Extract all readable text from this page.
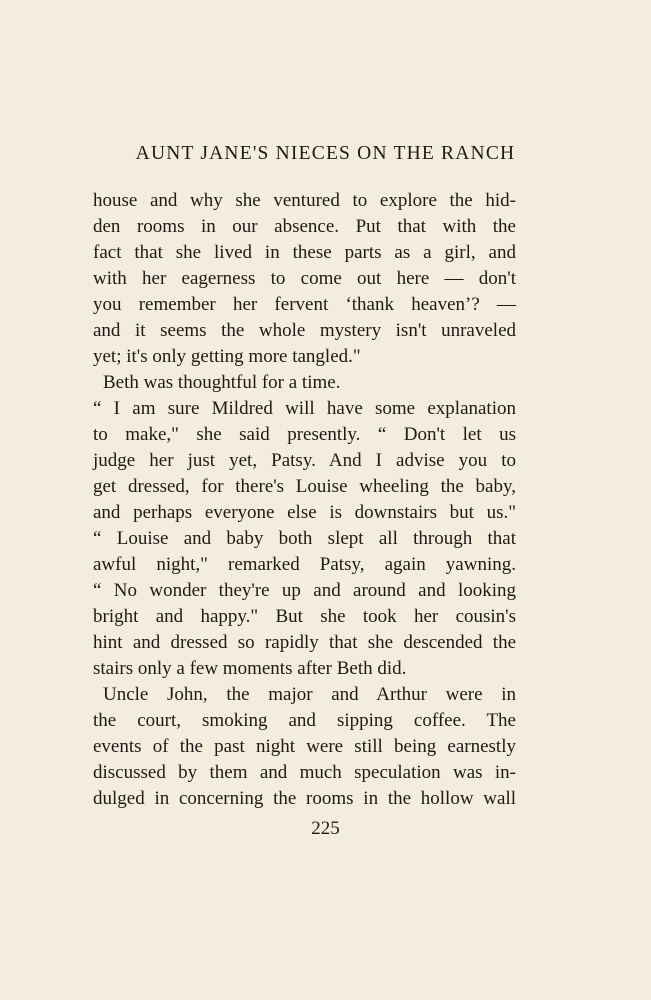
AUNT JANE'S NIECES ON THE RANCH
house and why she ventured to explore the hid-
den rooms in our absence. Put that with the
fact that she lived in these parts as a girl, and
with her eagerness to come out here — don't
you remember her fervent ‘thank heaven’? —
and it seems the whole mystery isn't unraveled
yet; it's only getting more tangled."
Beth was thoughtful for a time.
“ I am sure Mildred will have some explanation
to make," she said presently. “ Don't let us
judge her just yet, Patsy. And I advise you to
get dressed, for there's Louise wheeling the baby,
and perhaps everyone else is downstairs but us."
“ Louise and baby both slept all through that
awful night," remarked Patsy, again yawning.
“ No wonder they're up and around and looking
bright and happy." But she took her cousin's
hint and dressed so rapidly that she descended the
stairs only a few moments after Beth did.
Uncle John, the major and Arthur were in
the court, smoking and sipping coffee. The
events of the past night were still being earnestly
discussed by them and much speculation was in-
dulged in concerning the rooms in the hollow wall
225
